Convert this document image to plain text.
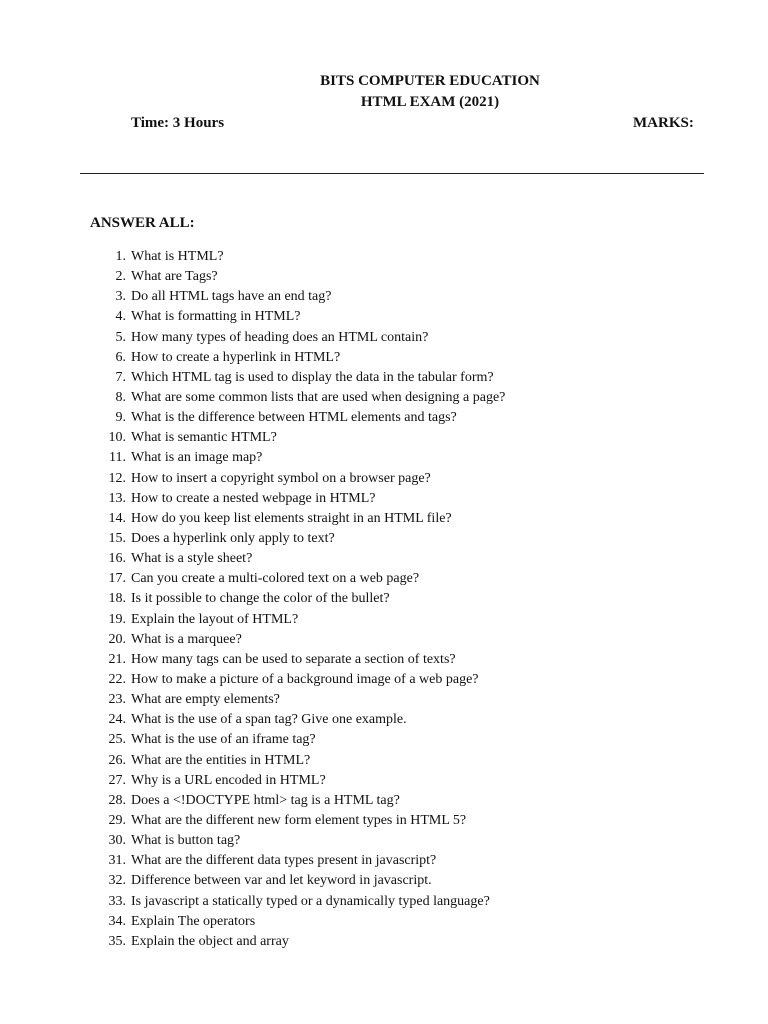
BITS COMPUTER EDUCATION
HTML EXAM (2021)
Time: 3 Hours	MARKS:
ANSWER ALL:
1. What is HTML?
2. What are Tags?
3. Do all HTML tags have an end tag?
4. What is formatting in HTML?
5. How many types of heading does an HTML contain?
6. How to create a hyperlink in HTML?
7. Which HTML tag is used to display the data in the tabular form?
8. What are some common lists that are used when designing a page?
9. What is the difference between HTML elements and tags?
10. What is semantic HTML?
11. What is an image map?
12. How to insert a copyright symbol on a browser page?
13. How to create a nested webpage in HTML?
14. How do you keep list elements straight in an HTML file?
15. Does a hyperlink only apply to text?
16. What is a style sheet?
17. Can you create a multi-colored text on a web page?
18. Is it possible to change the color of the bullet?
19. Explain the layout of HTML?
20. What is a marquee?
21. How many tags can be used to separate a section of texts?
22. How to make a picture of a background image of a web page?
23. What are empty elements?
24. What is the use of a span tag? Give one example.
25. What is the use of an iframe tag?
26. What are the entities in HTML?
27. Why is a URL encoded in HTML?
28. Does a <!DOCTYPE html> tag is a HTML tag?
29. What are the different new form element types in HTML 5?
30. What is button tag?
31. What are the different data types present in javascript?
32. Difference between var and let keyword in javascript.
33. Is javascript a statically typed or a dynamically typed language?
34. Explain The operators
35. Explain the object and array
